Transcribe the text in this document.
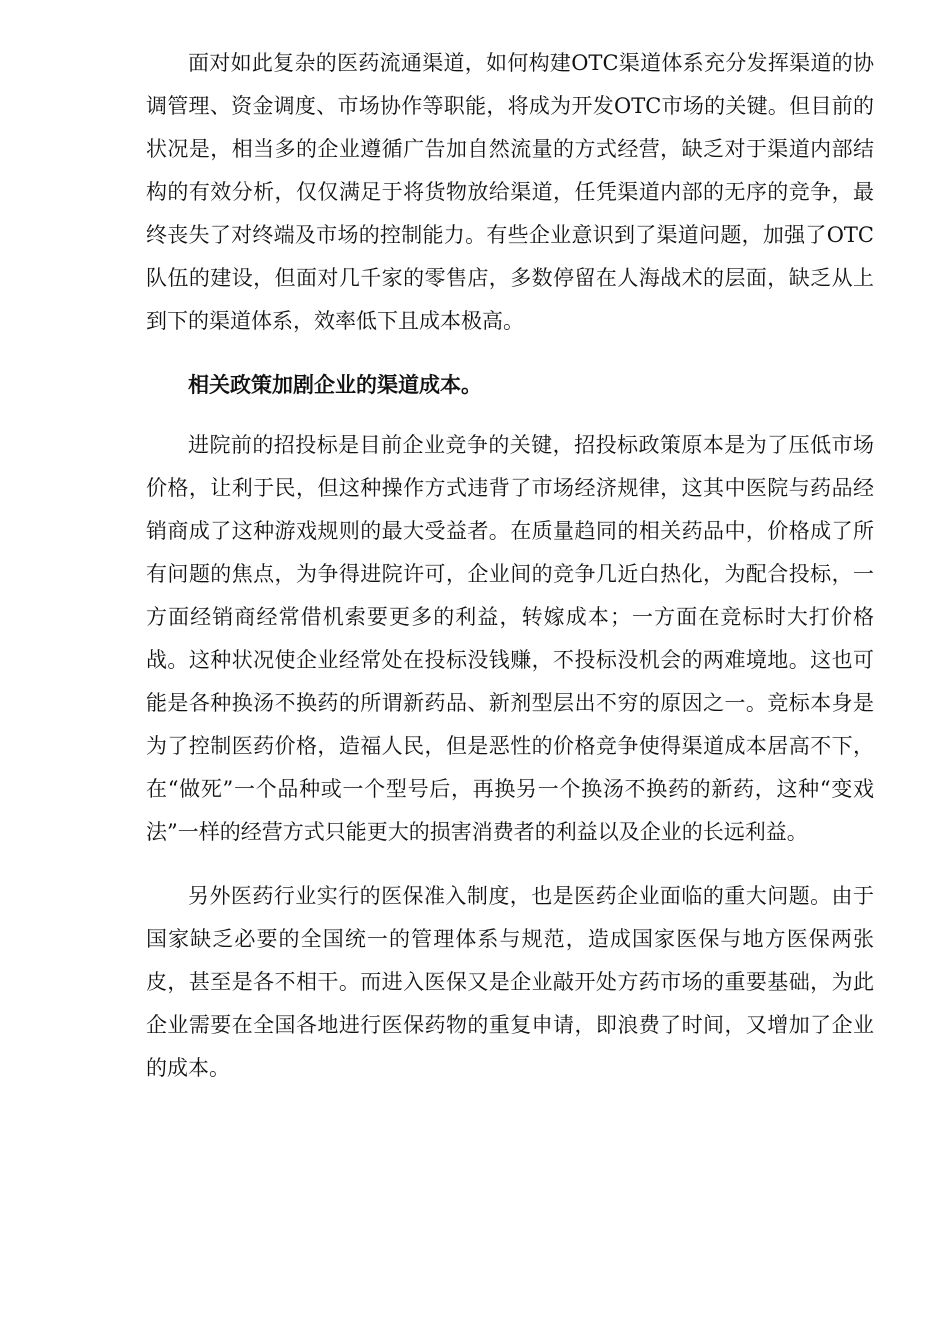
面对如此复杂的医药流通渠道，如何构建OTC渠道体系充分发挥渠道的协调管理、资金调度、市场协作等职能，将成为开发OTC市场的关键。但目前的状况是，相当多的企业遵循广告加自然流量的方式经营，缺乏对于渠道内部结构的有效分析，仅仅满足于将货物放给渠道，任凭渠道内部的无序的竞争，最终丧失了对终端及市场的控制能力。有些企业意识到了渠道问题，加强了OTC队伍的建设，但面对几千家的零售店，多数停留在人海战术的层面，缺乏从上到下的渠道体系，效率低下且成本极高。

相关政策加剧企业的渠道成本。

进院前的招投标是目前企业竞争的关键，招投标政策原本是为了压低市场价格，让利于民，但这种操作方式违背了市场经济规律，这其中医院与药品经销商成了这种游戏规则的最大受益者。在质量趋同的相关药品中，价格成了所有问题的焦点，为争得进院许可，企业间的竞争几近白热化，为配合投标，一方面经销商经常借机索要更多的利益，转嫁成本；一方面在竞标时大打价格战。这种状况使企业经常处在投标没钱赚，不投标没机会的两难境地。这也可能是各种换汤不换药的所谓新药品、新剂型层出不穷的原因之一。竞标本身是为了控制医药价格，造福人民，但是恶性的价格竞争使得渠道成本居高不下，在“做死”一个品种或一个型号后，再换另一个换汤不换药的新药，这种“变戏法”一样的经营方式只能更大的损害消费者的利益以及企业的长远利益。

另外医药行业实行的医保准入制度，也是医药企业面临的重大问题。由于国家缺乏必要的全国统一的管理体系与规范，造成国家医保与地方医保两张皮，甚至是各不相干。而进入医保又是企业敲开处方药市场的重要基础，为此企业需要在全国各地进行医保药物的重复申请，即浪费了时间，又增加了企业的成本。
